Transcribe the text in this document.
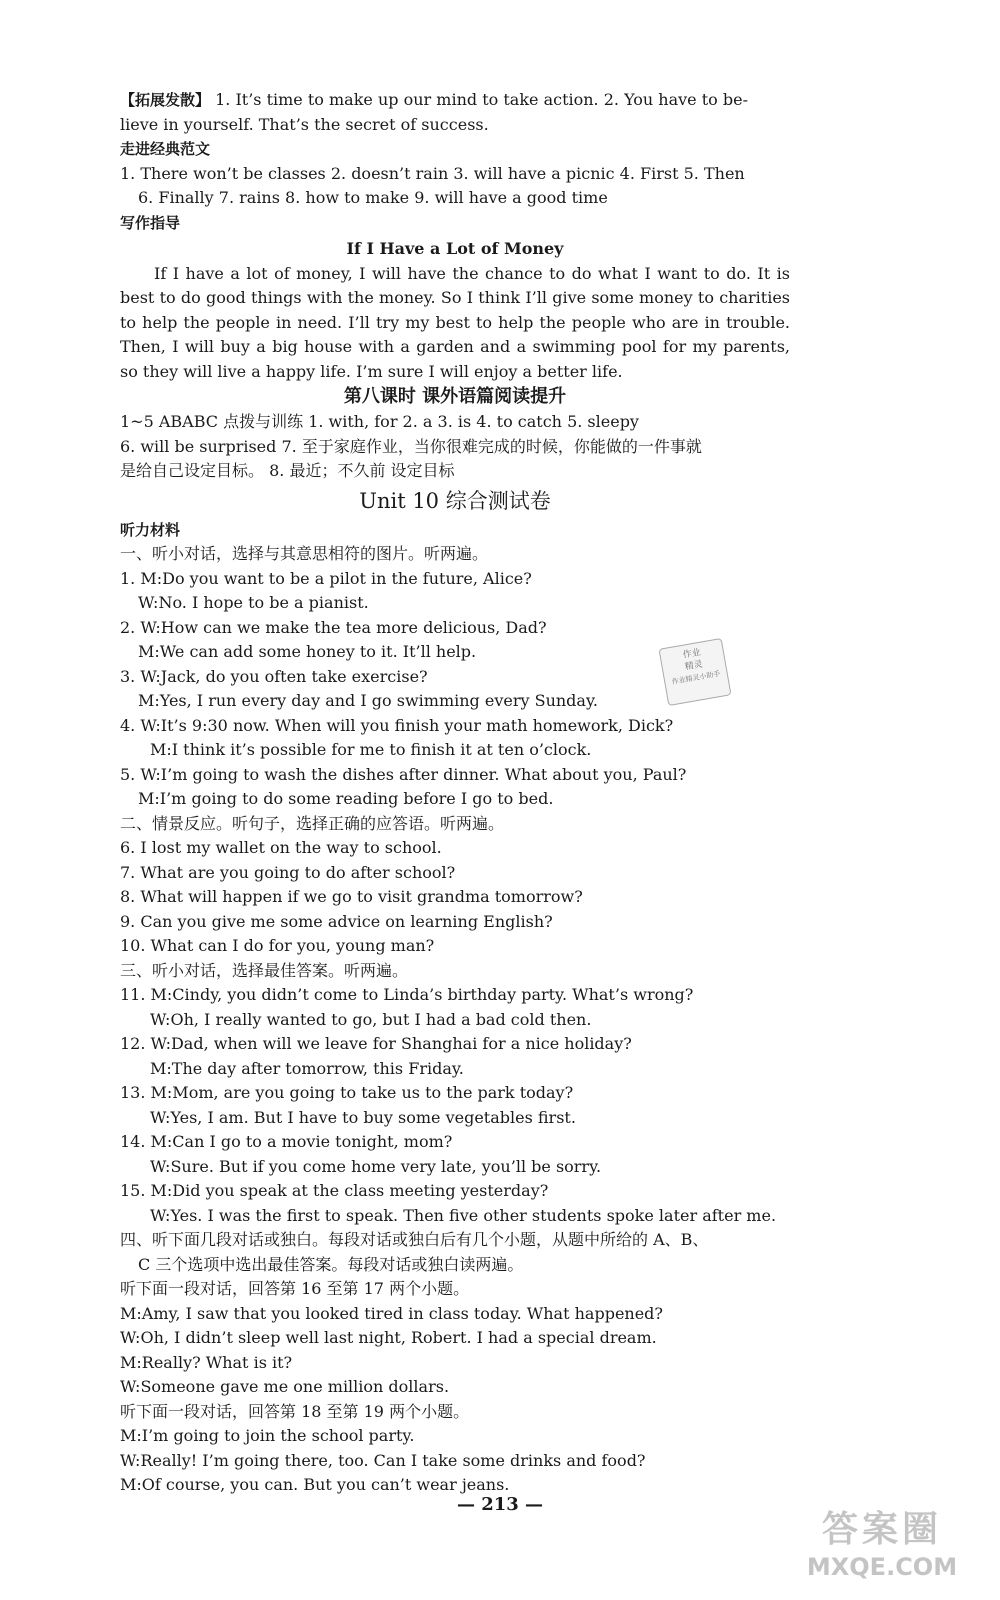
【拓展发散】 1. It’s time to make up our mind to take action. 2. You have to be-
lieve in yourself. That’s the secret of success.
走进经典范文
1. There won’t be classes 2. doesn’t rain 3. will have a picnic 4. First 5. Then
6. Finally 7. rains 8. how to make 9. will have a good time
写作指导
If I Have a Lot of Money
If I have a lot of money, I will have the chance to do what I want to do. It is best to do good things with the money. So I think I’ll give some money to charities to help the people in need. I’ll try my best to help the people who are in trouble. Then, I will buy a big house with a garden and a swimming pool for my parents, so they will live a happy life. I’m sure I will enjoy a better life.
第八课时 课外语篇阅读提升
1~5 ABABC 点拨与训练 1. with, for 2. a 3. is 4. to catch 5. sleepy
6. will be surprised 7. 至于家庭作业，当你很难完成的时候，你能做的一件事就
是给自己设定目标。 8. 最近；不久前 设定目标
Unit 10 综合测试卷
听力材料
一、听小对话，选择与其意思相符的图片。听两遍。
1. M:Do you want to be a pilot in the future, Alice?
W:No. I hope to be a pianist.
2. W:How can we make the tea more delicious, Dad?
M:We can add some honey to it. It’ll help.
3. W:Jack, do you often take exercise?
M:Yes, I run every day and I go swimming every Sunday.
4. W:It’s 9:30 now. When will you finish your math homework, Dick?
M:I think it’s possible for me to finish it at ten o’clock.
5. W:I’m going to wash the dishes after dinner. What about you, Paul?
M:I’m going to do some reading before I go to bed.
二、情景反应。听句子，选择正确的应答语。听两遍。
6. I lost my wallet on the way to school.
7. What are you going to do after school?
8. What will happen if we go to visit grandma tomorrow?
9. Can you give me some advice on learning English?
10. What can I do for you, young man?
三、听小对话，选择最佳答案。听两遍。
11. M:Cindy, you didn’t come to Linda’s birthday party. What’s wrong?
W:Oh, I really wanted to go, but I had a bad cold then.
12. W:Dad, when will we leave for Shanghai for a nice holiday?
M:The day after tomorrow, this Friday.
13. M:Mom, are you going to take us to the park today?
W:Yes, I am. But I have to buy some vegetables first.
14. M:Can I go to a movie tonight, mom?
W:Sure. But if you come home very late, you’ll be sorry.
15. M:Did you speak at the class meeting yesterday?
W:Yes. I was the first to speak. Then five other students spoke later after me.
四、听下面几段对话或独白。每段对话或独白后有几个小题，从题中所给的 A、B、
C 三个选项中选出最佳答案。每段对话或独白读两遍。
听下面一段对话，回答第 16 至第 17 两个小题。
M:Amy, I saw that you looked tired in class today. What happened?
W:Oh, I didn’t sleep well last night, Robert. I had a special dream.
M:Really? What is it?
W:Someone gave me one million dollars.
听下面一段对话，回答第 18 至第 19 两个小题。
M:I’m going to join the school party.
W:Really! I’m going there, too. Can I take some drinks and food?
M:Of course, you can. But you can’t wear jeans.
作业
精灵
作业精灵小助手
— 213 —
答案圈
MXQE.COM
